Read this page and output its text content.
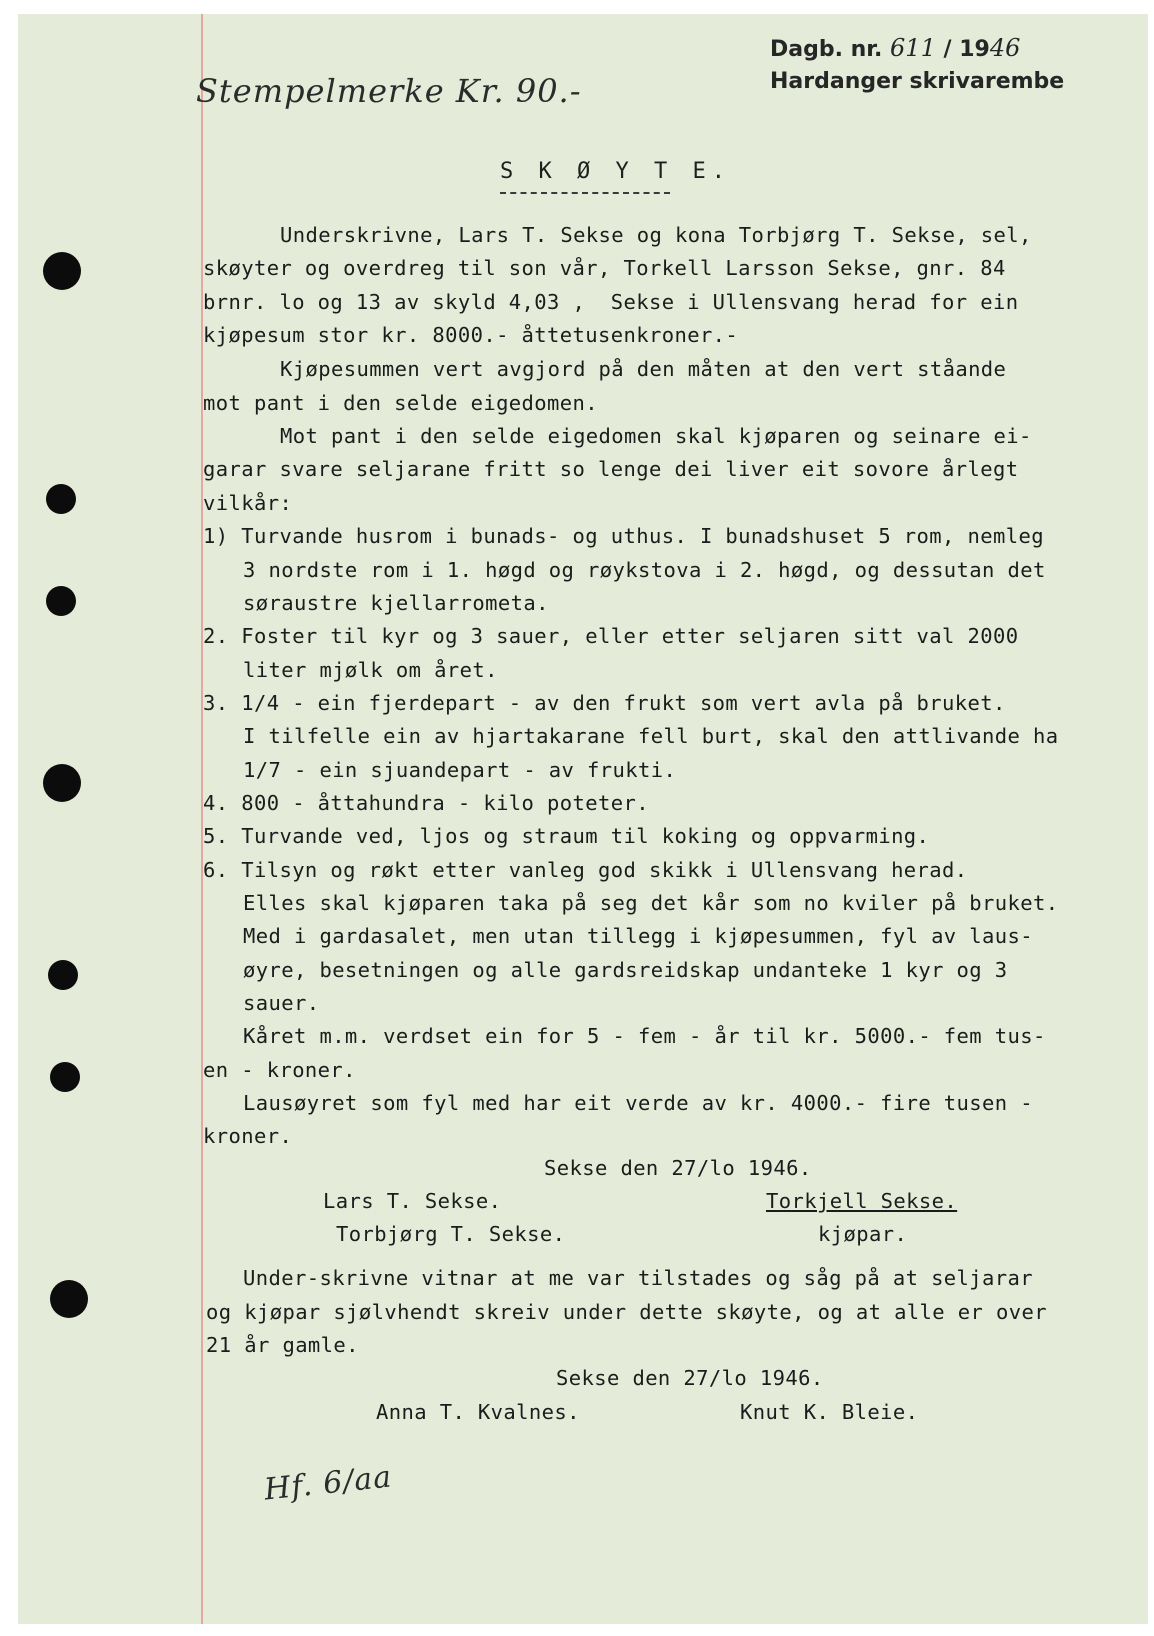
Stempelmerke Kr. 90.-
Dagb. nr. 611 / 1946
Hardanger skrivarembe
S K Ø Y T E.
Underskrivne, Lars T. Sekse og kona Torbjørg T. Sekse, sel,
skøyter og overdreg til son vår, Torkell Larsson Sekse, gnr. 84
brnr. lo og 13 av skyld 4,03 ,  Sekse i Ullensvang herad for ein
kjøpesum stor kr. 8000.- åttetusenkroner.-
Kjøpesummen vert avgjord på den måten at den vert ståande
mot pant i den selde eigedomen.
Mot pant i den selde eigedomen skal kjøparen og seinare ei-
garar svare seljarane fritt so lenge dei liver eit sovore årlegt
vilkår:
1) Turvande husrom i bunads- og uthus. I bunadshuset 5 rom, nemleg
3 nordste rom i 1. høgd og røykstova i 2. høgd, og dessutan det
søraustre kjellarrometa.
2. Foster til kyr og 3 sauer, eller etter seljaren sitt val 2000
liter mjølk om året.
3. 1/4 - ein fjerdepart - av den frukt som vert avla på bruket.
I tilfelle ein av hjartakarane fell burt, skal den attlivande ha
1/7 - ein sjuandepart - av frukti.
4. 800 - åttahundra - kilo poteter.
5. Turvande ved, ljos og straum til koking og oppvarming.
6. Tilsyn og røkt etter vanleg god skikk i Ullensvang herad.
Elles skal kjøparen taka på seg det kår som no kviler på bruket.
Med i gardasalet, men utan tillegg i kjøpesummen, fyl av laus-
øyre, besetningen og alle gardsreidskap undanteke 1 kyr og 3
sauer.
Kåret m.m. verdset ein for 5 - fem - år til kr. 5000.- fem tus-
en - kroner.
Lausøyret som fyl med har eit verde av kr. 4000.- fire tusen -
kroner.
Sekse den 27/lo 1946.
Lars T. Sekse.
Torbjørg T. Sekse.
Torkjell Sekse.
kjøpar.
Under-skrivne vitnar at me var tilstades og såg på at seljarar
og kjøpar sjølvhendt skreiv under dette skøyte, og at alle er over
21 år gamle.
Sekse den 27/lo 1946.
Anna T. Kvalnes.	Knut K. Bleie.
Hf. 6/aa
